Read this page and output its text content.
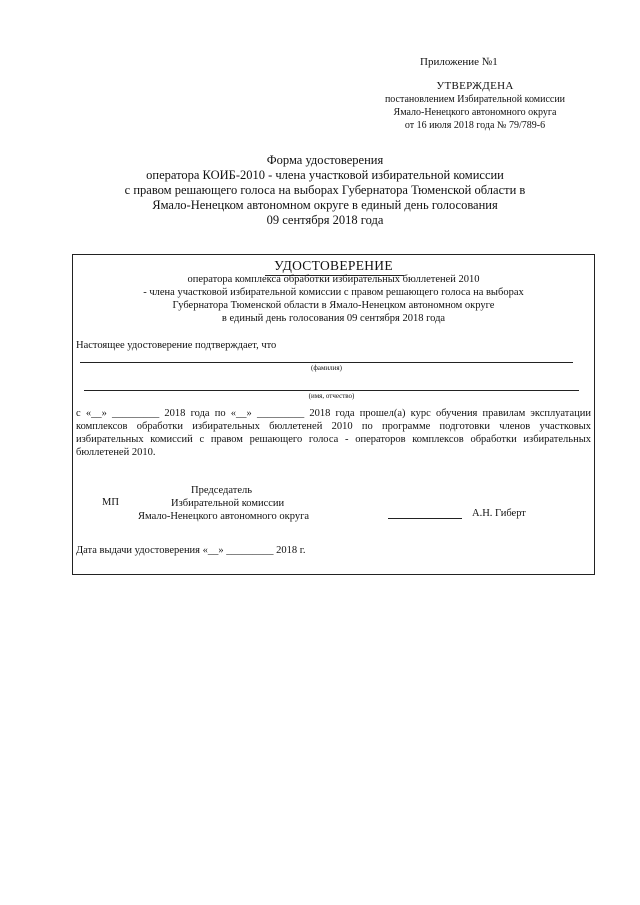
Приложение №1
УТВЕРЖДЕНА
постановлением Избирательной комиссии
Ямало-Ненецкого автономного округа
от 16 июля 2018 года № 79/789-6
Форма удостоверения
оператора КОИБ-2010 - члена участковой избирательной комиссии
с правом решающего голоса на выборах Губернатора Тюменской области в
Ямало-Ненецком автономном округе в единый день голосования
09 сентября 2018 года
УДОСТОВЕРЕНИЕ
оператора комплекса обработки избирательных бюллетеней 2010
- члена участковой избирательной комиссии с правом решающего голоса на выборах
Губернатора Тюменской области в Ямало-Ненецком автономном округе
в единый день голосования 09 сентября 2018 года
Настоящее удостоверение подтверждает, что
(фамилия)
(имя, отчество)

с «__» _________ 2018 года по «__» _________ 2018 года прошел(а) курс обучения правилам эксплуатации комплексов обработки избирательных бюллетеней 2010 по программе подготовки членов участковых избирательных комиссий с правом решающего голоса - операторов комплексов обработки избирательных бюллетеней 2010.

МП
Председатель
Избирательной комиссии
Ямало-Ненецкого автономного округа	А.Н. Гиберт
Дата выдачи удостоверения «__» _________ 2018 г.
